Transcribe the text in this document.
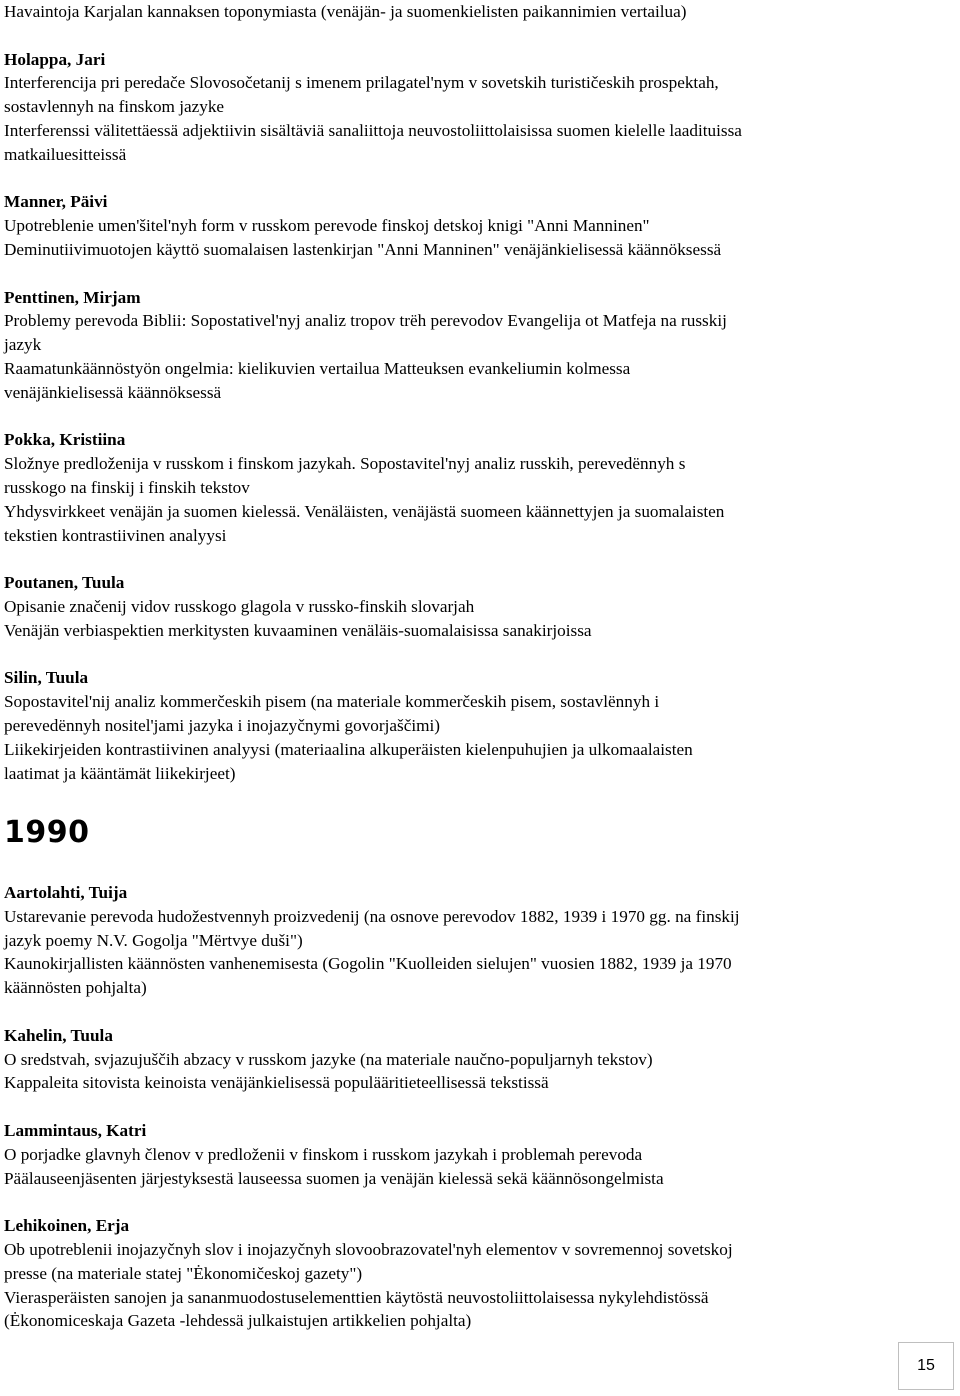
Havaintoja Karjalan kannaksen toponymiasta (venäjän- ja suomenkielisten paikannimien vertailua)
Holappa, Jari
Interferencija pri peredače Slovosočetanij s imenem prilagatel'nym v sovetskih turističeskih prospektah,
sostavlennyh na finskom jazyke
Interferenssi välitettäessä adjektiivin sisältäviä sanaliittoja neuvostoliittolaisissa suomen kielelle laadituissa
matkailuesitteissä
Manner, Päivi
Upotreblenie umen'šitel'nyh form v russkom perevode finskoj detskoj knigi "Anni Manninen"
Deminutiivimuotojen käyttö suomalaisen lastenkirjan "Anni Manninen" venäjänkielisessä käännöksessä
Penttinen, Mirjam
Problemy perevoda Biblii: Sopostativel'nyj analiz tropov trëh perevodov Evangelija ot Matfeja na russkij
jazyk
Raamatunkäännöstyön ongelmia: kielikuvien vertailua Matteuksen evankeliumin kolmessa
venäjänkielisessä käännöksessä
Pokka, Kristiina
Složnye predloženija v russkom i finskom jazykah. Sopostavitel'nyj analiz russkih, perevedënnyh s
russkogo na finskij i finskih tekstov
Yhdysvirkkeet venäjän ja suomen kielessä. Venäläisten, venäjästä suomeen käännettyjen ja suomalaisten
tekstien kontrastiivinen analyysi
Poutanen, Tuula
Opisanie značenij vidov russkogo glagola v russko-finskih slovarjah
Venäjän verbiaspektien merkitysten kuvaaminen venäläis-suomalaisissa sanakirjoissa
Silin, Tuula
Sopostavitel'nij analiz kommerčeskih pisem (na materiale kommerčeskih pisem, sostavlënnyh i
perevedënnyh nositel'jami jazyka i inojazyčnymi govorjaščimi)
Liikekirjeiden kontrastiivinen analyysi (materiaalina alkuperäisten kielenpuhujien ja ulkomaalaisten
laatimat ja kääntämät liikekirjeet)
1990
Aartolahti, Tuija
Ustarevanie perevoda hudožestvennyh proizvedenij (na osnove perevodov 1882, 1939 i 1970 gg. na finskij
jazyk poemy N.V. Gogolja "Mërtvye duši")
Kaunokirjallisten käännösten vanhenemisesta (Gogolin "Kuolleiden sielujen" vuosien 1882, 1939 ja 1970
käännösten pohjalta)
Kahelin, Tuula
O sredstvah, svjazujuščih abzacy v russkom jazyke (na materiale naučno-populjarnyh tekstov)
Kappaleita sitovista keinoista venäjänkielisessä populääritieteellisessä tekstissä
Lammintaus, Katri
O porjadke glavnyh členov v predloženii v finskom i russkom jazykah i problemah perevoda
Päälauseenjäsenten järjestyksestä lauseessa suomen ja venäjän kielessä sekä käännösongelmista
Lehikoinen, Erja
Ob upotreblenii inojazyčnyh slov i inojazyčnyh slovoobrazovatel'nyh elementov v sovremennoj sovetskoj
presse (na materiale statej "Ėkonomičeskoj gazety")
Vierasperäisten sanojen ja sananmuodostuselementtien käytöstä neuvostoliittolaisessa nykylehdistössä
(Ėkonomiceskaja Gazeta -lehdessä julkaistujen artikkelien pohjalta)
15
